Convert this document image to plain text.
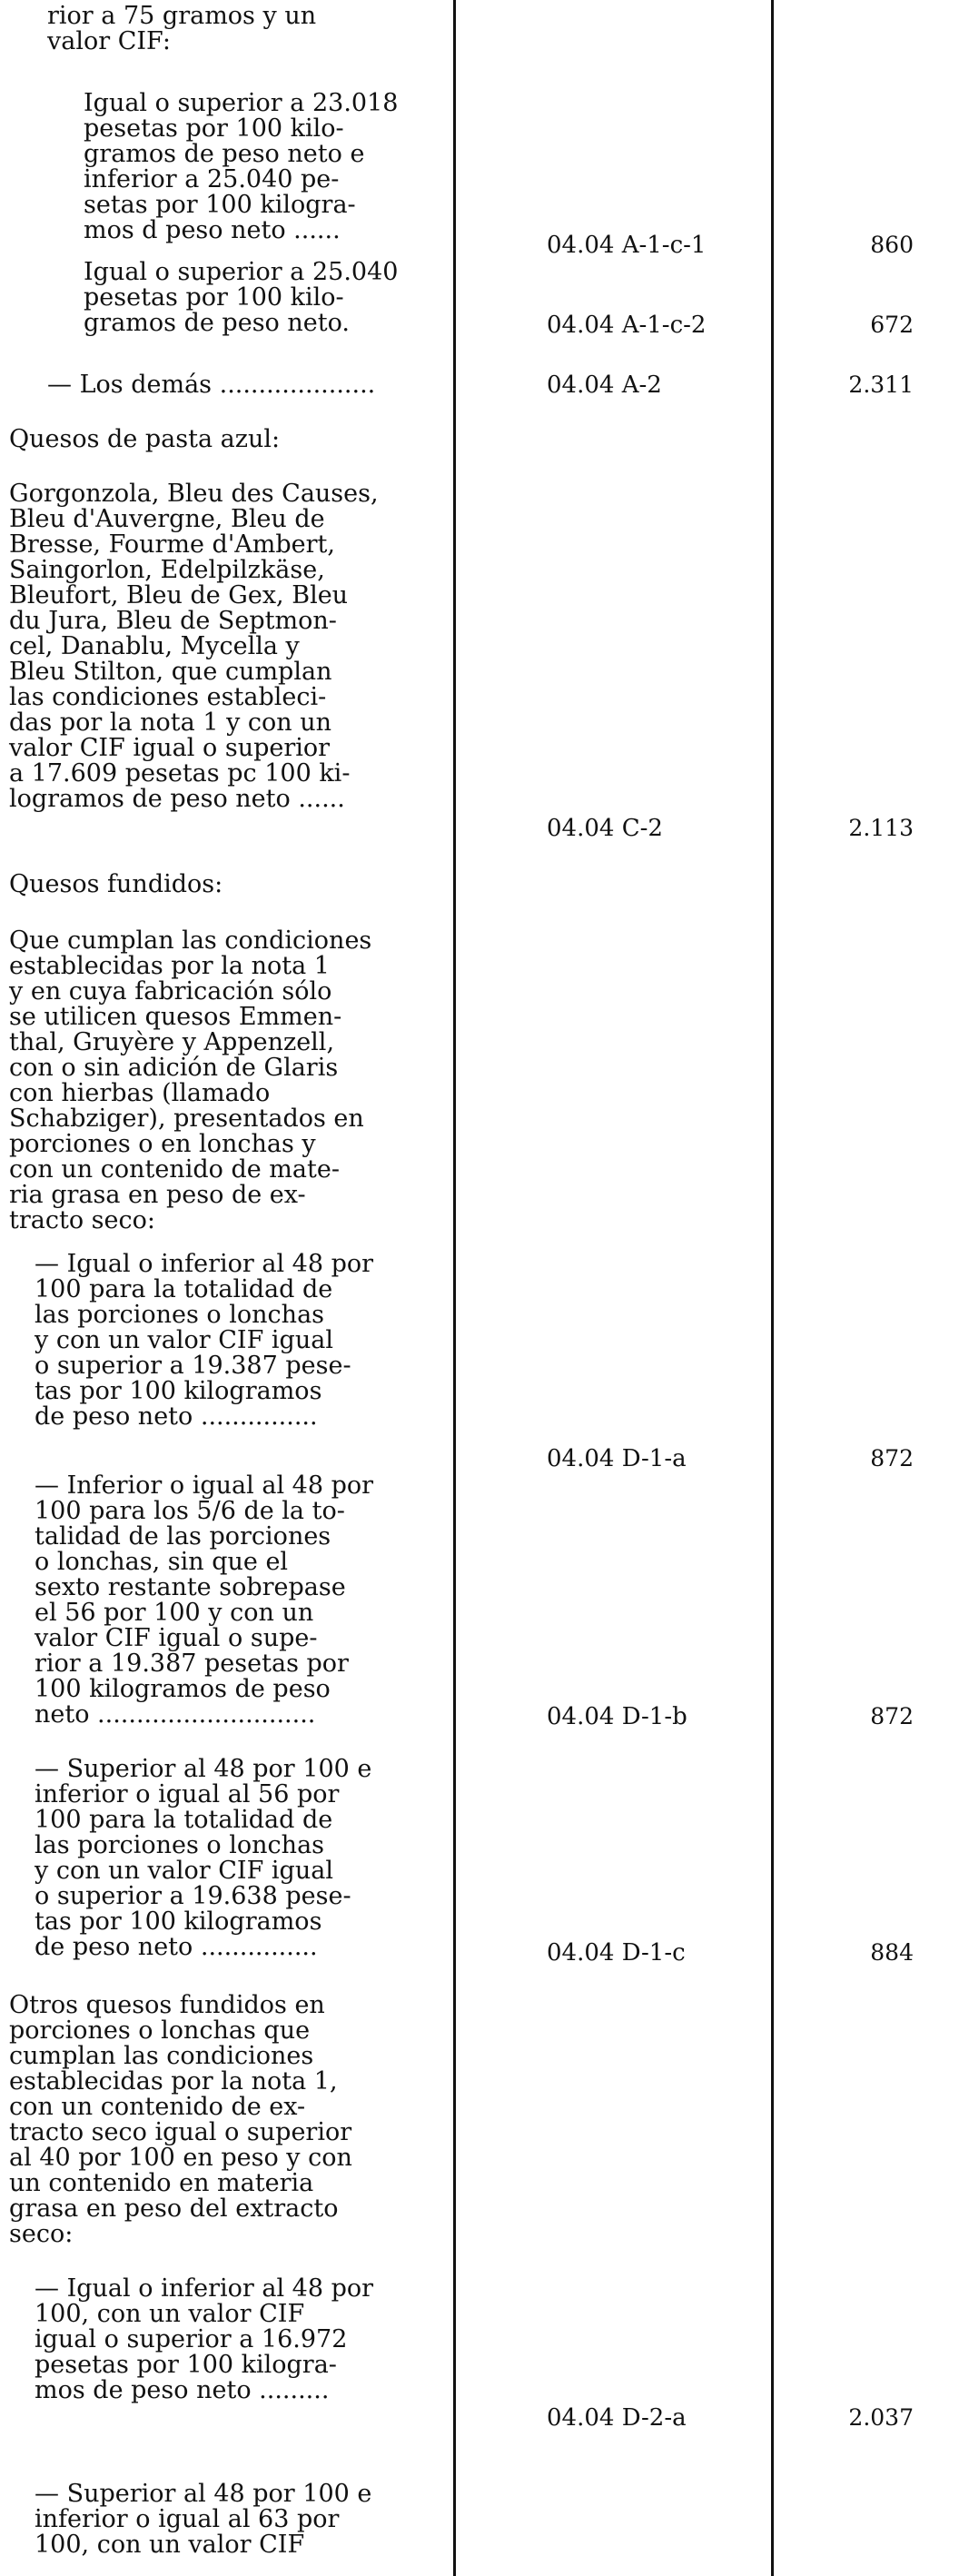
rior a 75 gramos y un
valor CIF:

Igual o superior a 23.018
pesetas por 100 kilo-
gramos de peso neto e
inferior a 25.040 pe-
setas por 100 kilogra-
mos d peso neto ......

Igual o superior a 25.040
pesetas por 100 kilo-
gramos de peso neto.

— Los demás ....................

Quesos de pasta azul:

Gorgonzola, Bleu des Causes,
Bleu d'Auvergne, Bleu de
Bresse, Fourme d'Ambert,
Saingorlon, Edelpilzkäse,
Bleufort, Bleu de Gex, Bleu
du Jura, Bleu de Septmon-
cel, Danablu, Mycella y
Bleu Stilton, que cumplan
las condiciones estableci-
das por la nota 1 y con un
valor CIF igual o superior
a 17.609 pesetas pc 100 ki-
logramos de peso neto ......

Quesos fundidos:

Que cumplan las condiciones
establecidas por la nota 1
y en cuya fabricación sólo
se utilicen quesos Emmen-
thal, Gruyère y Appenzell,
con o sin adición de Glaris
con hierbas (llamado
Schabziger), presentados en
porciones o en lonchas y
con un contenido de mate-
ria grasa en peso de ex-
tracto seco:

— Igual o inferior al 48 por
100 para la totalidad de
las porciones o lonchas
y con un valor CIF igual
o superior a 19.387 pese-
tas por 100 kilogramos
de peso neto ...............

— Inferior o igual al 48 por
100 para los 5/6 de la to-
talidad de las porciones
o lonchas, sin que el
sexto restante sobrepase
el 56 por 100 y con un
valor CIF igual o supe-
rior a 19.387 pesetas por
100 kilogramos de peso
neto ............................

— Superior al 48 por 100 e
inferior o igual al 56 por
100 para la totalidad de
las porciones o lonchas
y con un valor CIF igual
o superior a 19.638 pese-
tas por 100 kilogramos
de peso neto ...............

Otros quesos fundidos en
porciones o lonchas que
cumplan las condiciones
establecidas por la nota 1,
con un contenido de ex-
tracto seco igual o superior
al 40 por 100 en peso y con
un contenido en materia
grasa en peso del extracto
seco:

— Igual o inferior al 48 por
100, con un valor CIF
igual o superior a 16.972
pesetas por 100 kilogra-
mos de peso neto .........

— Superior al 48 por 100 e
inferior o igual al 63 por
100, con un valor CIF

04.04 A-1-c-1

04.04 A-1-c-2

04.04 A-2

04.04 C-2

04.04 D-1-a

04.04 D-1-b

04.04 D-1-c

04.04 D-2-a

860

672

2.311

2.113

872

872

884

2.037
